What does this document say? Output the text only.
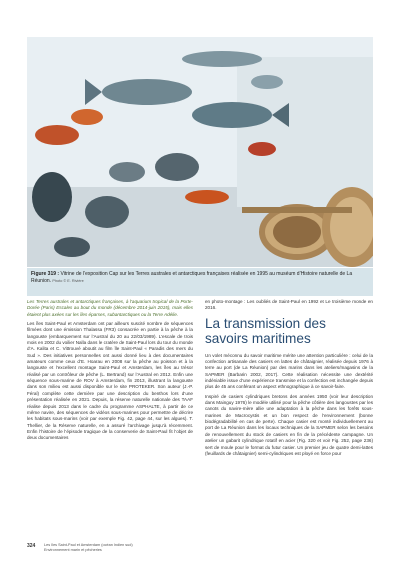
Figure 319 : Vitrine de l’exposition Cap sur les Terres australes et antarctiques françaises réalisée en 1995 au muséum d’Histoire naturelle de La Réunion. Photo © E. Rivière

Les Terres australes et antarctiques françaises, à l’aquarium tropical de la Porte-Dorée (Paris) Escales au bout du monde (décembre 2014-juin 2015), mais elles étaient plus axées sur les îles éparses, subantarctiques ou la Terre Adélie.

Les îles Saint-Paul et Amsterdam ont par ailleurs suscité nombre de séquences filmées dont une émission Thalassa (FR3) consacrée en partie à la pêche à la langouste (embarquement sur l’Austral du 20 au 22/03/1989). L’escale de trois mois en 2002 du voilier Nalla dans le cratère de Saint-Paul lors du tour du monde d’A. Kalita et C. Vittrouvé aboutit au film Île Saint-Paul « Paradis des mers du Sud ». Des initiatives personnelles ont aussi donné lieu à des documentaires amateurs comme ceux d’E. Hoarau en 2008 sur la pêche au poisson et à la langouste et l’excellent montage Saint-Paul et Amsterdam, les îles au trésor réalisé par un contrôleur de pêche (L. Bertrand) sur l’Austral en 2012. Enfin une séquence sous-marine de ROV à Amsterdam, fin 2013, illustrant la langouste dans son milieu est aussi disponible sur le site PROTEKER. Son auteur (J.-P. Féral) complète cette dernière par une description du benthos lors d’une présentation réalisée en 2021. Depuis, la réserve naturelle nationale des TAAF réalise depuis 2013 dans le cadre du programme ASPHALTE, à partir de ce même navire, des séquences de vidéos sous-marines pour permettre de décrire les habitats sous-marins (voir par exemple Fig. 42, page 44, sur les algues). T. Thellier, de la Réserve naturelle, en a assuré l’archivage jusqu’à récemment. Enfin l’histoire de l’épisode tragique de la conserverie de Saint-Paul fit l’objet de deux documentaires

en photo-montage : Les oubliés de Saint-Paul en 1992 et Le troisième monde en 2016.

La transmission des
savoirs maritimes

Un volet méconnu du savoir maritime mérite une attention particulière : celui de la confection artisanale des casiers en lattes de châtaignier, réalisée depuis 1976 à terre au port (de La Réunion) par des marins dans les ateliers/magasins de la SAPMER (Barbarin 2002, 2017). Cette réalisation nécessite une dextérité indéniable issue d’une expérience transmise et la confection est inchangée depuis plus de 45 ans conférant un aspect ethnographique à ce savoir-faire.

Inspiré de casiers cylindriques bretons des années 1950 (voir leur description dans Mainguy 1976) le modèle utilisé pour la pêche côtière des langoustes par les canots du navire-mère allie une adaptation à la pêche dans les forêts sous-marines de Macrocystis et un bon respect de l’environnement (bonne biodégradabilité en cas de perte). Chaque casier est monté individuellement au port de La Réunion dans les locaux techniques de la SAPMER selon les besoins de renouvellement du stock de casiers en fin de la précédente campagne. Un atelier un gabarit cylindrique rotatif en acier (Fig. 320 et voir Fig. 252, page 236) sert de moule pour le format du futur casier. Un premier jeu de quatre demi-lattes (feuillards de châtaignier) semi-cylindriques est ployé en force pour

324 Les îles Saint-Paul et Amsterdam (océan Indien sud)
Environnement marin et pêcheries
